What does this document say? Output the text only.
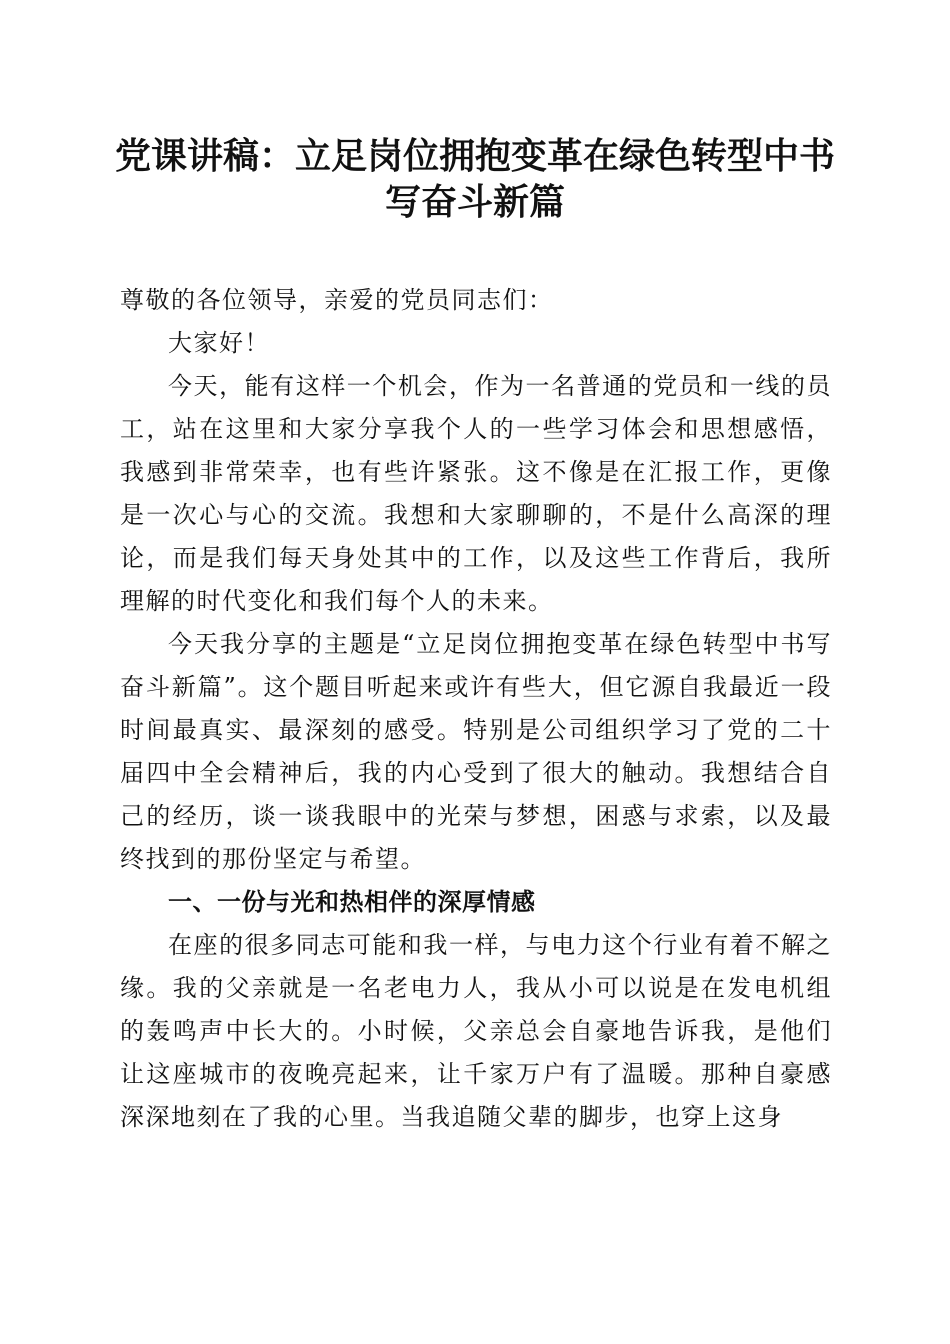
党课讲稿：立足岗位拥抱变革在绿色转型中书
写奋斗新篇

尊敬的各位领导，亲爱的党员同志们：

大家好！

今天，能有这样一个机会，作为一名普通的党员和一线的员工，站在这里和大家分享我个人的一些学习体会和思想感悟，我感到非常荣幸，也有些许紧张。这不像是在汇报工作，更像是一次心与心的交流。我想和大家聊聊的，不是什么高深的理论，而是我们每天身处其中的工作，以及这些工作背后，我所理解的时代变化和我们每个人的未来。

今天我分享的主题是“立足岗位拥抱变革在绿色转型中书写奋斗新篇”。这个题目听起来或许有些大，但它源自我最近一段时间最真实、最深刻的感受。特别是公司组织学习了党的二十届四中全会精神后，我的内心受到了很大的触动。我想结合自己的经历，谈一谈我眼中的光荣与梦想，困惑与求索，以及最终找到的那份坚定与希望。

一、一份与光和热相伴的深厚情感

在座的很多同志可能和我一样，与电力这个行业有着不解之缘。我的父亲就是一名老电力人，我从小可以说是在发电机组的轰鸣声中长大的。小时候，父亲总会自豪地告诉我，是他们让这座城市的夜晚亮起来，让千家万户有了温暖。那种自豪感深深地刻在了我的心里。当我追随父辈的脚步，也穿上这身
